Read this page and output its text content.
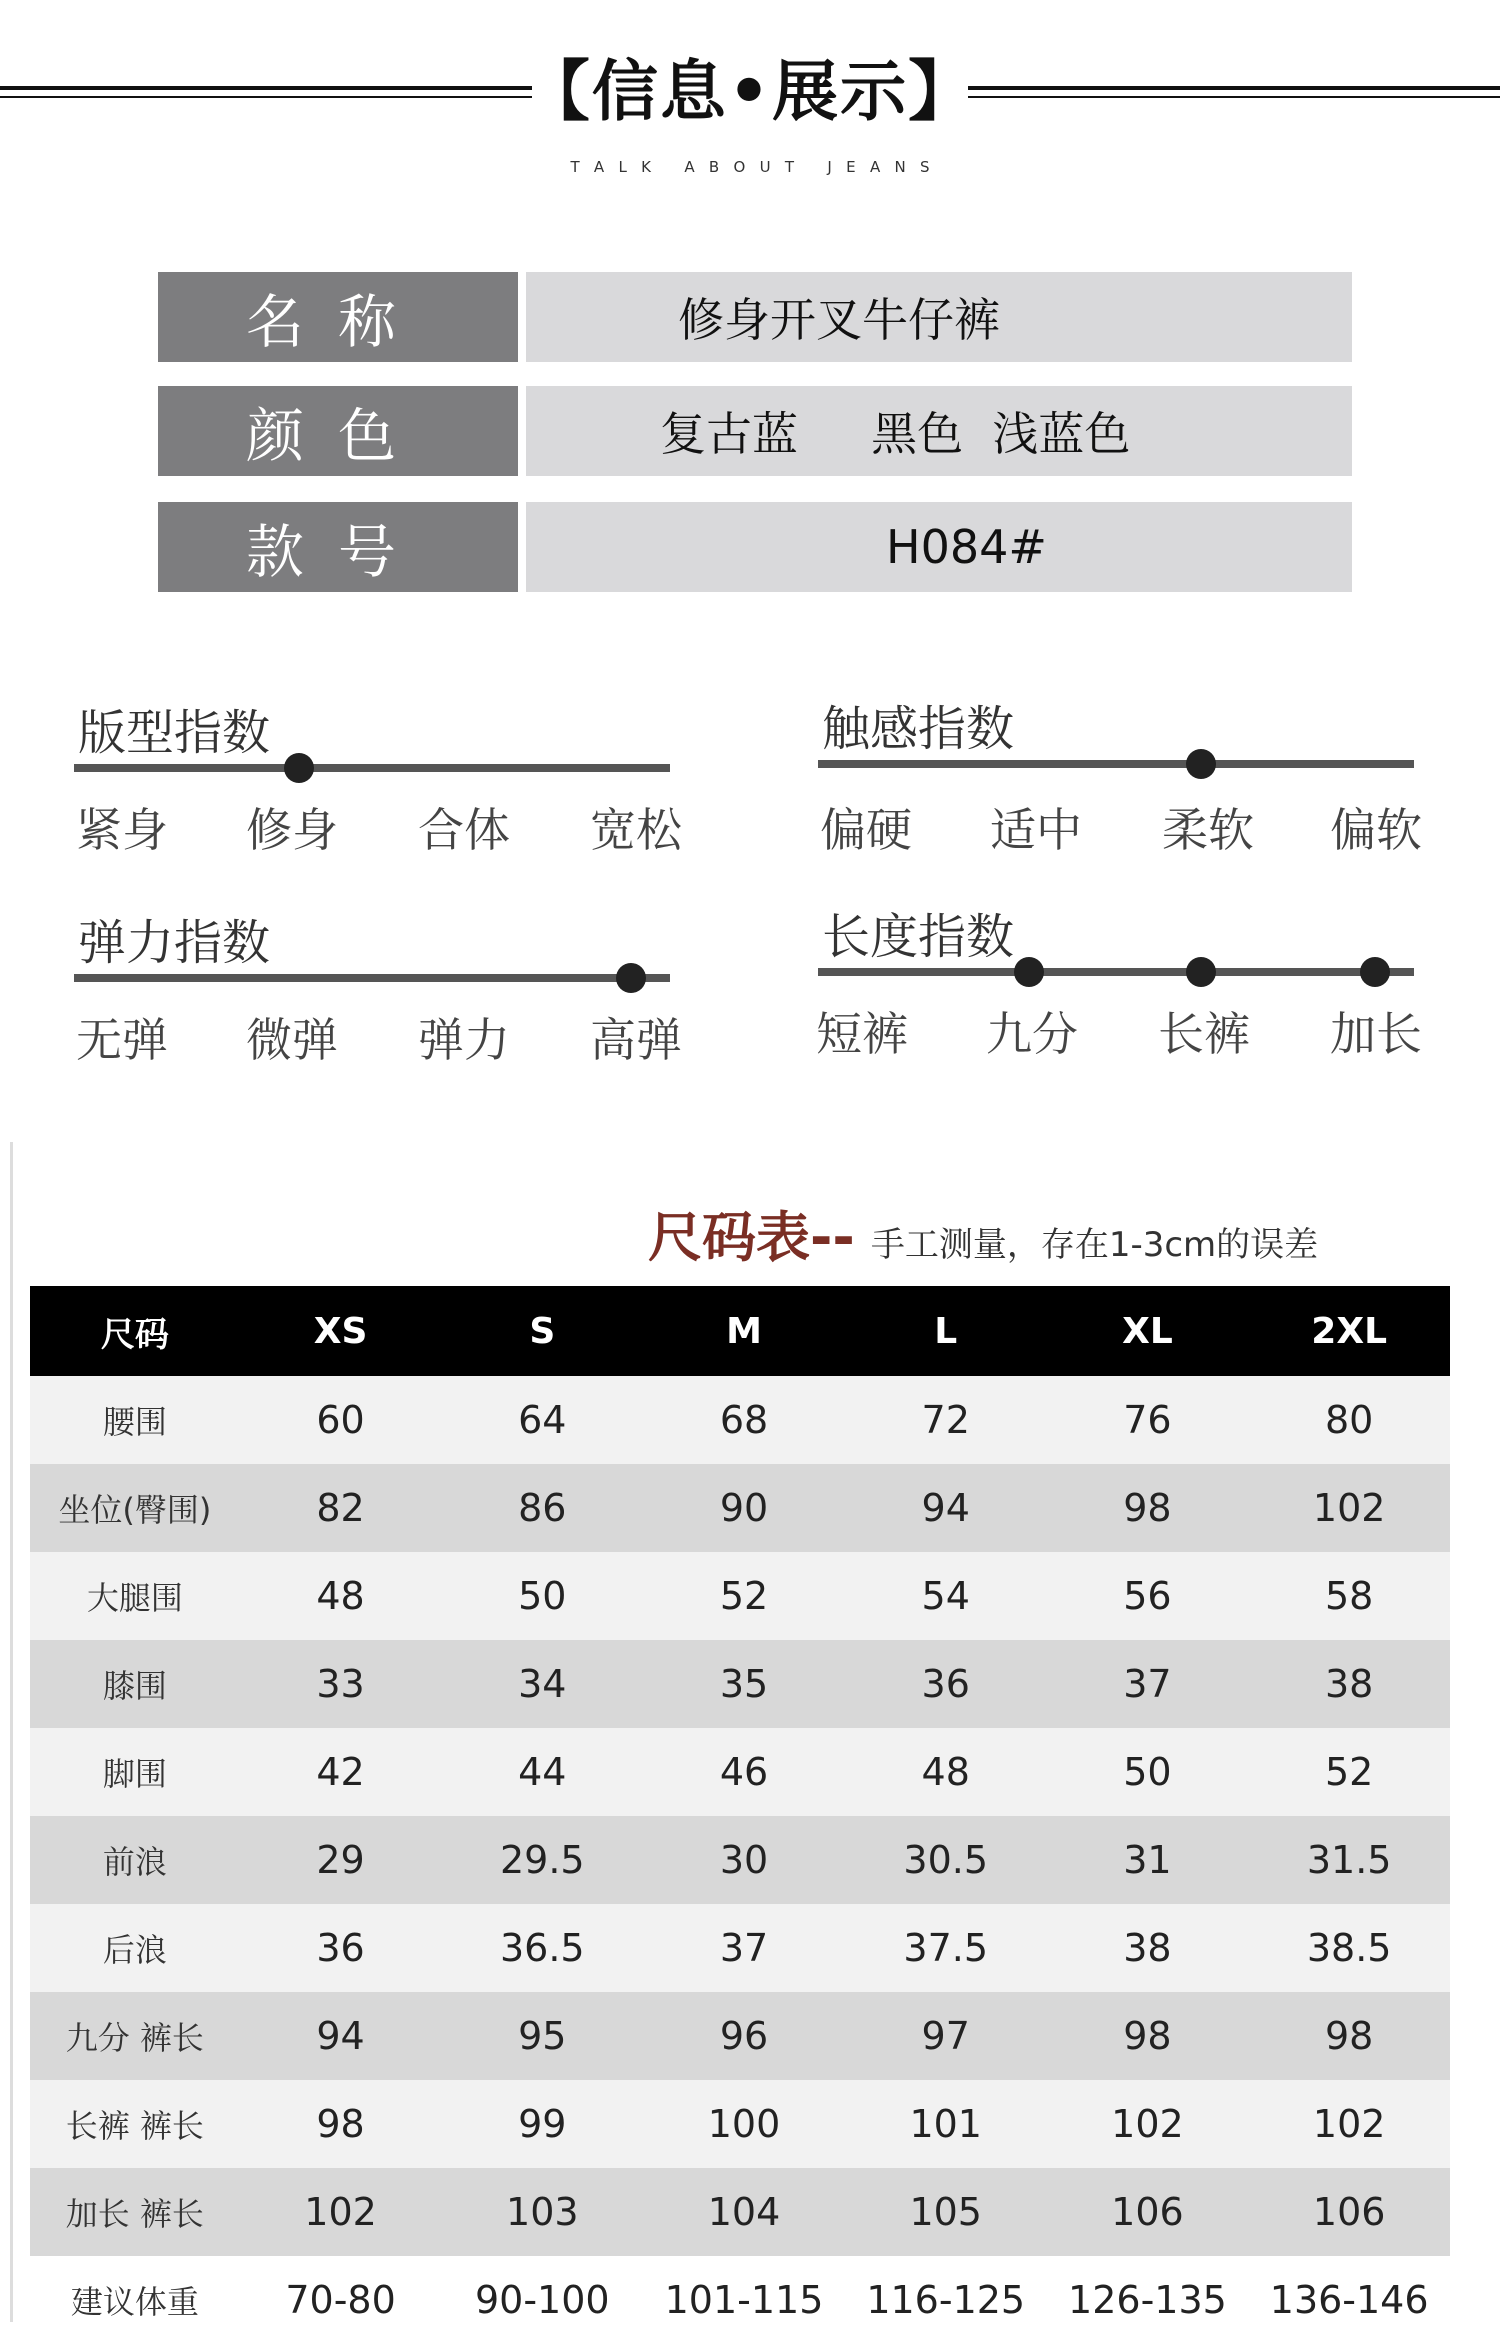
【信息•展示】
T   A   L   K       A   B   O   U   T       J   E   A   N   S
名称	修身开叉牛仔裤
颜色	复古蓝     黑色  浅蓝色
款号	H084#
版型指数
紧身 修身 合体 宽松
触感指数
偏硬 适中 柔软 偏软
弹力指数
无弹 微弹 弹力 高弹
长度指数
短裤 九分 长裤 加长
尺码表-- 手工测量，存在1-3cm的误差
尺码	XS	S	M	L	XL	2XL
腰围	60	64	68	72	76	80
坐位(臀围)	82	86	90	94	98	102
大腿围	48	50	52	54	56	58
膝围	33	34	35	36	37	38
脚围	42	44	46	48	50	52
前浪	29	29.5	30	30.5	31	31.5
后浪	36	36.5	37	37.5	38	38.5
九分 裤长	94	95	96	97	98	98
长裤 裤长	98	99	100	101	102	102
加长 裤长	102	103	104	105	106	106
建议体重	70-80	90-100	101-115	116-125	126-135	136-146
